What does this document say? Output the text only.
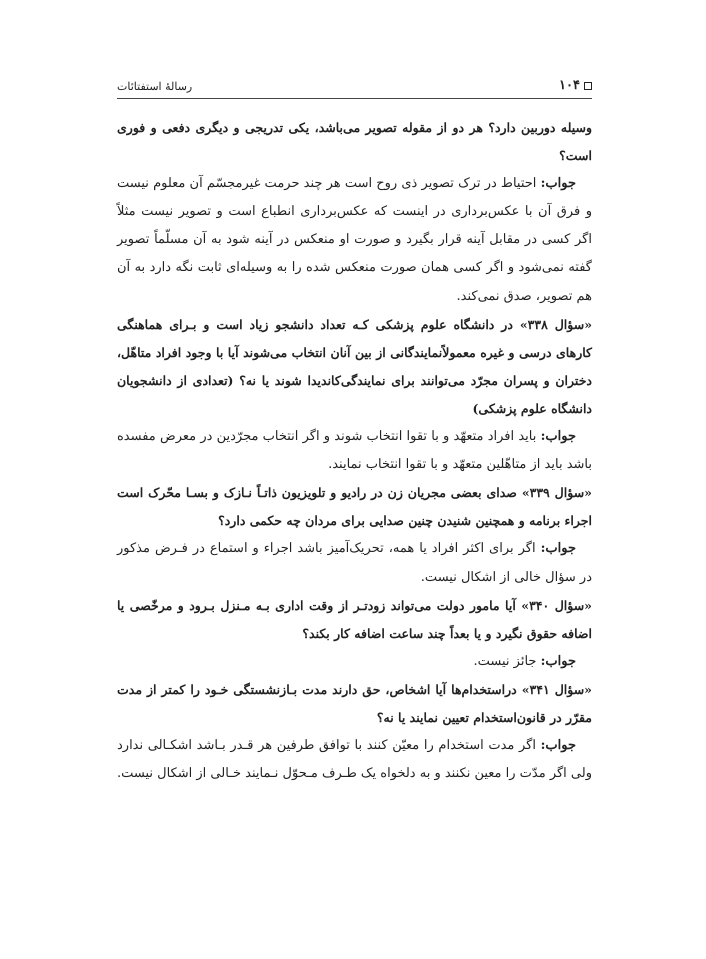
۱۰۴
رسالۀ استفتائات

وسیله دوربین دارد؟ هر دو از مقوله تصویر می‌باشد، یکی تدریجی و دیگری دفعی و فوری است؟

جواب: احتیاط در ترک تصویر ذی روح است هر چند حرمت غیرمجسّم آن معلوم نیست و فرق آن با عکس‌برداری در اینست که عکس‌برداری انطباع است و تصویر نیست مثلاً اگر کسی در مقابل آینه قرار بگیرد و صورت او منعکس در آینه شود به آن مسلّماً تصویر گفته نمی‌شود و اگر کسی همان صورت منعکس شده را به وسیله‌ای ثابت نگه دارد به آن هم تصویر، صدق نمی‌کند.

«سؤال ۳۳۸» در دانشگاه علوم پزشکی کـه تعداد دانشجو زیاد است و بـرای هماهنگی کارهای درسی و غیره معمولاًنمایندگانی از بین آنان انتخاب می‌شوند آیا با وجود افراد متاهّل، دختران و پسران مجرّد می‌توانند برای نمایندگی‌کاندیدا شوند یا نه؟ (تعدادی از دانشجویان دانشگاه علوم پزشکی)

جواب: باید افراد متعهّد و با تقوا انتخاب شوند و اگر انتخاب مجرّدین در معرض مفسده باشد باید از متاهّلین متعهّد و با تقوا انتخاب نمایند.

«سؤال ۳۳۹» صدای بعضی مجریان زن در رادیو و تلویزیون ذاتـاً نـازک و بسـا محّرک است اجراء برنامه و همچنین شنیدن چنین صدایی برای مردان چه حکمی دارد؟

جواب: اگر برای اکثر افراد یا همه، تحریک‌آمیز باشد اجراء و استماع در فـرض مذکور در سؤال خالی از اشکال نیست.

«سؤال ۳۴۰» آیا مامور دولت می‌تواند زودتـر از وقت اداری بـه مـنزل بـرود و مرخّصی یا اضافه حقوق نگیرد و یا بعداً چند ساعت اضافه کار بکند؟

جواب: جائز نیست.

«سؤال ۳۴۱» دراستخدام‌ها آیا اشخاص، حق دارند مدت بـازنشستگی خـود را کمتر از مدت مقرّر در قانون‌استخدام تعیین نمایند یا نه؟

جواب: اگر مدت استخدام را معیّن کنند با توافق طرفین هر قـدر بـاشد اشکـالی ندارد ولی اگر مدّت را معین نکنند و به دلخواه یک طـرف مـحوّل نـمایند خـالی از اشکال نیست.
